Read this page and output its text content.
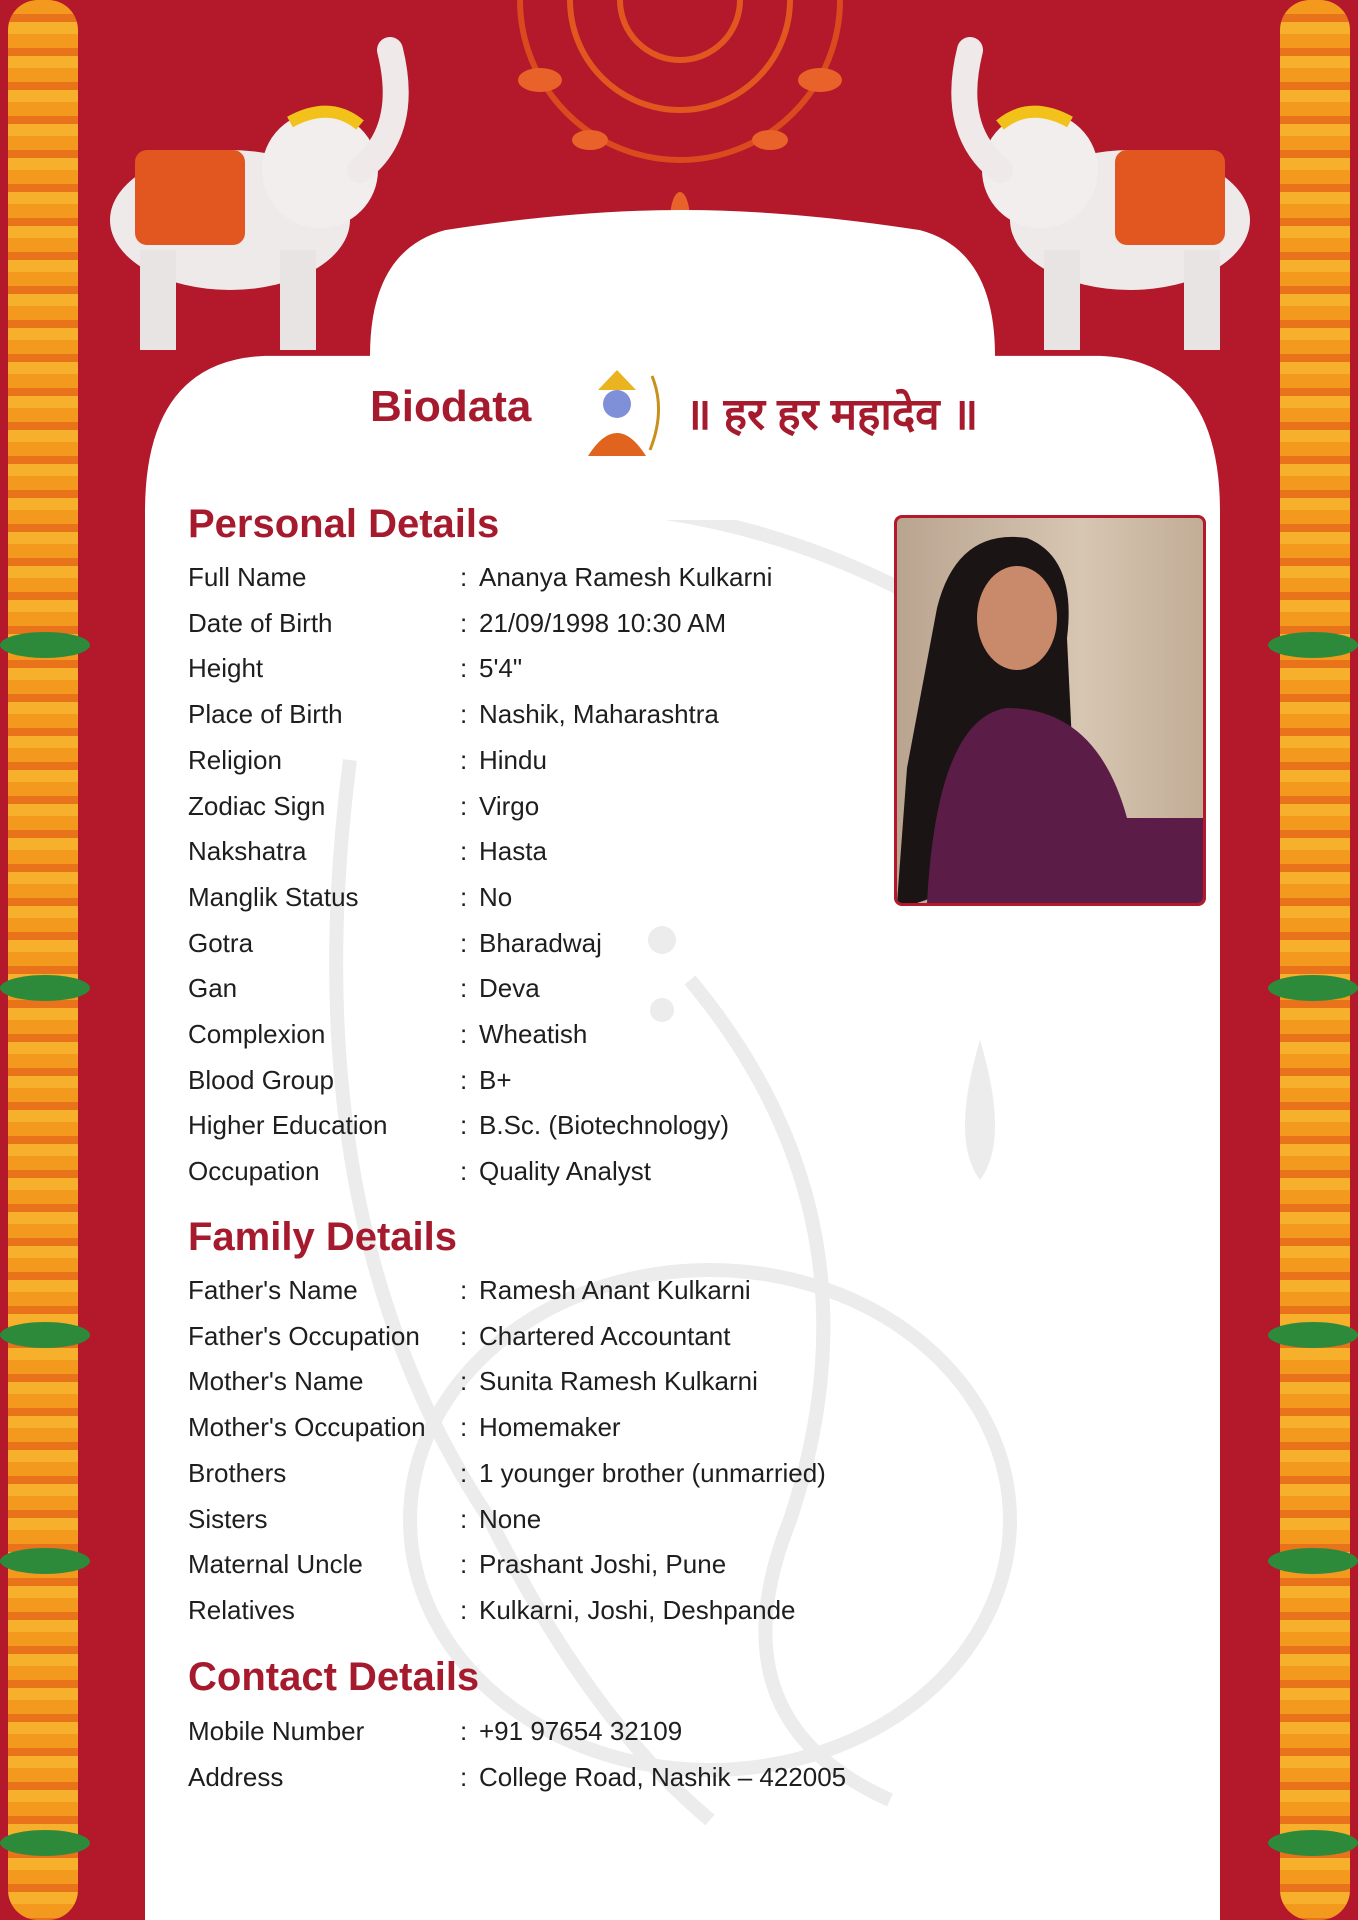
Biodata	॥ हर हर महादेव ॥
Personal Details
Full Name	: Ananya Ramesh Kulkarni
Date of Birth	: 21/09/1998 10:30 AM
Height	: 5'4"
Place of Birth	: Nashik, Maharashtra
Religion	: Hindu
Zodiac Sign	: Virgo
Nakshatra	: Hasta
Manglik Status	: No
Gotra	: Bharadwaj
Gan	: Deva
Complexion	: Wheatish
Blood Group	: B+
Higher Education	: B.Sc. (Biotechnology)
Occupation	: Quality Analyst
Family Details
Father's Name	: Ramesh Anant Kulkarni
Father's Occupation : Chartered Accountant
Mother's Name	: Sunita Ramesh Kulkarni
Mother's Occupation : Homemaker
Brothers	: 1 younger brother (unmarried)
Sisters	: None
Maternal Uncle	: Prashant Joshi, Pune
Relatives	: Kulkarni, Joshi, Deshpande
Contact Details
Mobile Number	: +91 97654 32109
Address	: College Road, Nashik – 422005
